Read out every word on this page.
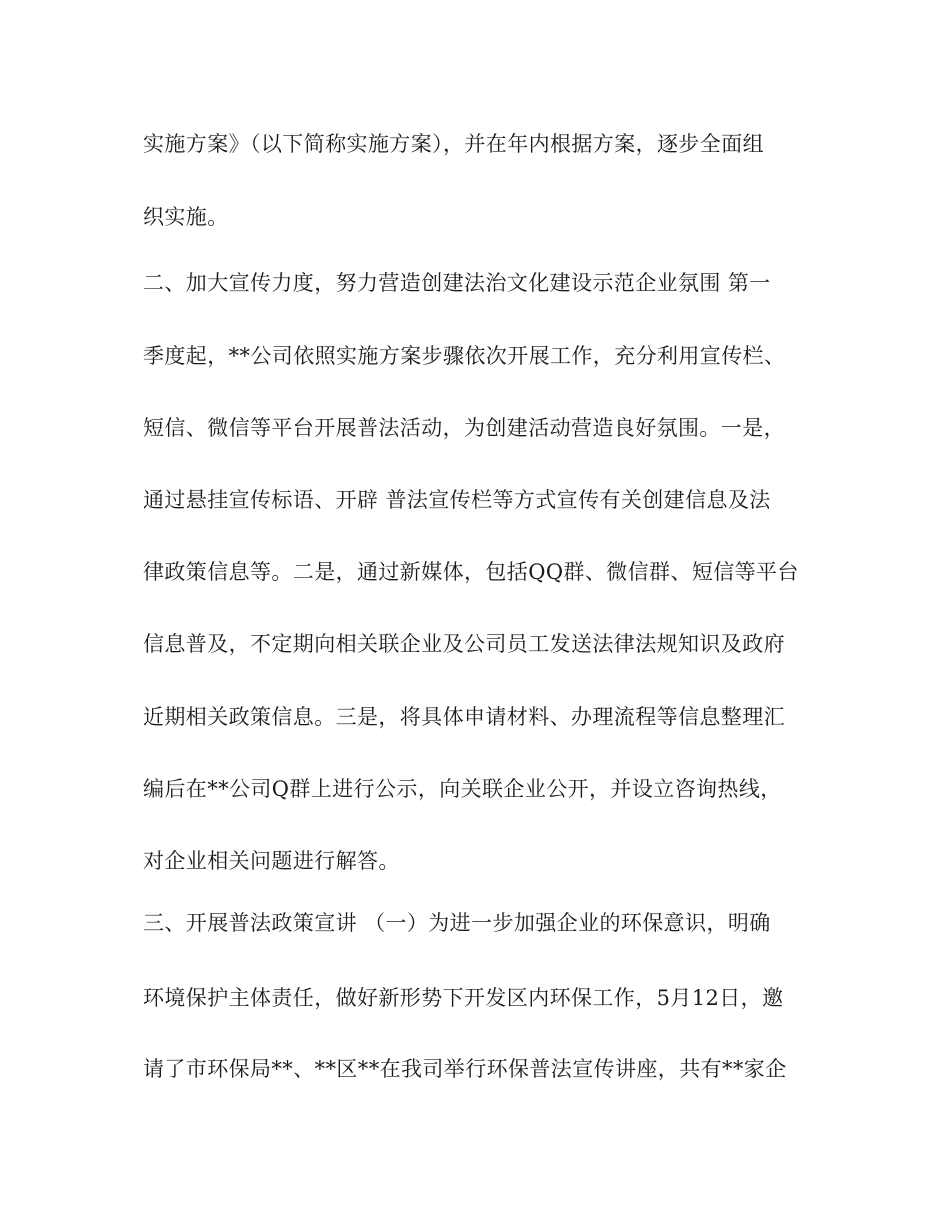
实施方案》（以下简称实施方案），并在年内根据方案，逐步全面组
织实施。
二、加大宣传力度，努力营造创建法治文化建设示范企业氛围 第一
季度起，**公司依照实施方案步骤依次开展工作，充分利用宣传栏、
短信、微信等平台开展普法活动，为创建活动营造良好氛围。一是，
通过悬挂宣传标语、开辟 普法宣传栏等方式宣传有关创建信息及法
律政策信息等。二是，通过新媒体，包括QQ群、微信群、短信等平台
信息普及，不定期向相关联企业及公司员工发送法律法规知识及政府
近期相关政策信息。三是，将具体申请材料、办理流程等信息整理汇
编后在**公司Q群上进行公示，向关联企业公开，并设立咨询热线，
对企业相关问题进行解答。
三、开展普法政策宣讲 （一）为进一步加强企业的环保意识，明确
环境保护主体责任，做好新形势下开发区内环保工作，5月12日，邀
请了市环保局**、**区**在我司举行环保普法宣传讲座，共有**家企
